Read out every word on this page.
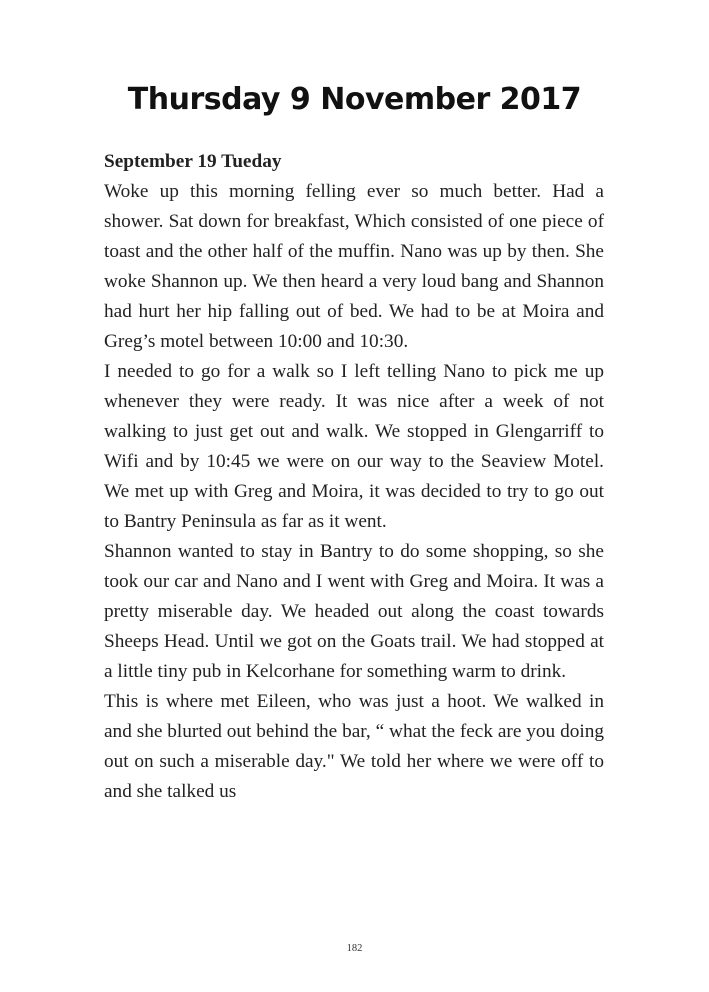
Thursday 9 November 2017
September 19 Tueday

Woke up this morning felling ever so much better. Had a shower. Sat down for breakfast, Which consisted of one piece of toast and the other half of the muffin. Nano was up by then. She woke Shannon up. We then heard a very loud bang and Shannon had hurt her hip falling out of bed. We had to be at Moira and Greg’s motel between 10:00 and 10:30.

I needed to go for a walk so I left telling Nano to pick me up whenever they were ready. It was nice after a week of not walking to just get out and walk. We stopped in Glengarriff to Wifi and by 10:45 we were on our way to the Seaview Motel. We met up with Greg and Moira, it was decided to try to go out to Bantry Peninsula as far as it went.

Shannon wanted to stay in Bantry to do some shopping, so she took our car and Nano and I went with Greg and Moira. It was a pretty miserable day. We headed out along the coast towards Sheeps Head. Until we got on the Goats trail. We had stopped at a little tiny pub in Kelcorhane for something warm to drink.

This is where met Eileen, who was just a hoot. We walked in and she blurted out behind the bar, “ what the feck are you doing out on such a miserable day." We told her where we were off to and she talked us

182
